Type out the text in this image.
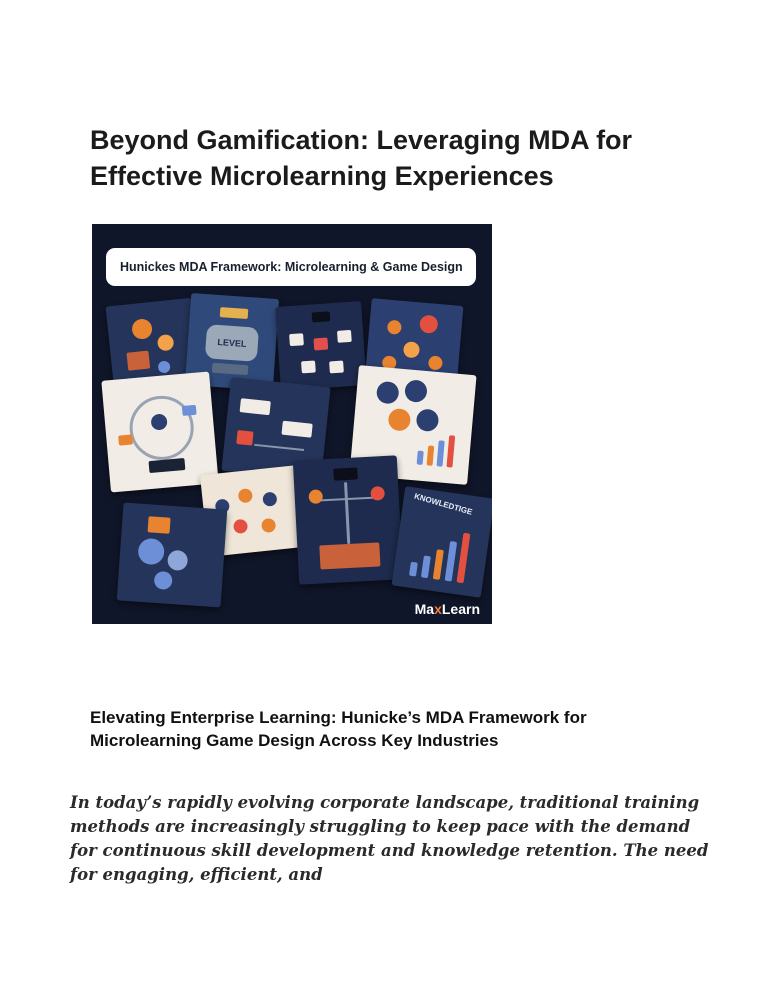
Beyond Gamification: Leveraging MDA for Effective Microlearning Experiences
Hunickes MDA Framework: Microlearning & Game Design
LEVEL
KNOWLEDTIGE
MaxLearn
Elevating Enterprise Learning: Hunicke’s MDA Framework for Microlearning Game Design Across Key Industries

In today’s rapidly evolving corporate landscape, traditional training methods are increasingly struggling to keep pace with the demand for continuous skill development and knowledge retention. The need for engaging, efficient, and
